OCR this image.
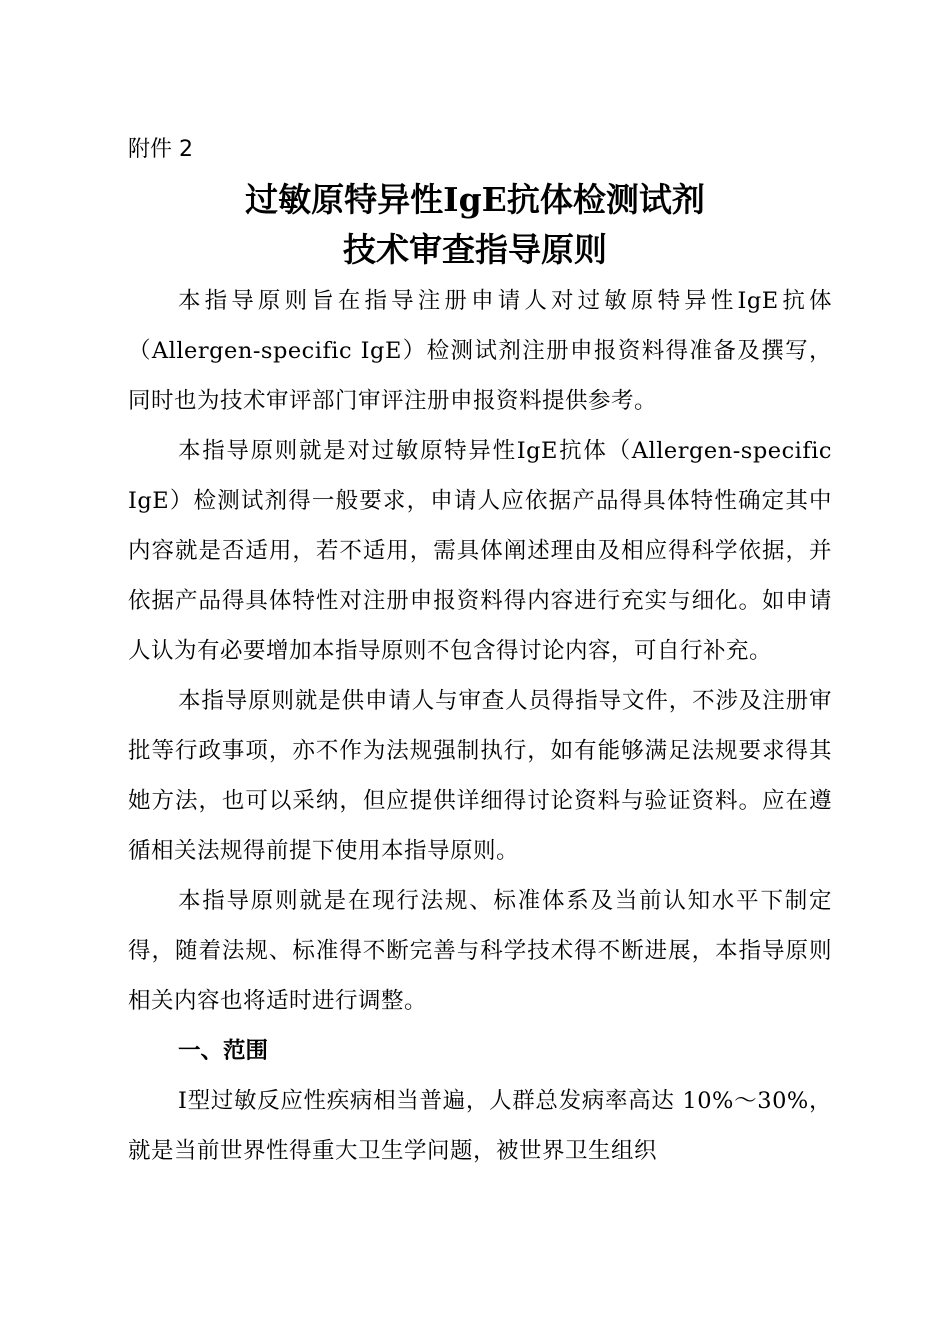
附件 2

过敏原特异性IgE抗体检测试剂
技术审查指导原则

本指导原则旨在指导注册申请人对过敏原特异性IgE抗体（Allergen-specific IgE）检测试剂注册申报资料得准备及撰写，同时也为技术审评部门审评注册申报资料提供参考。

本指导原则就是对过敏原特异性IgE抗体（Allergen-specific IgE）检测试剂得一般要求，申请人应依据产品得具体特性确定其中内容就是否适用，若不适用，需具体阐述理由及相应得科学依据，并依据产品得具体特性对注册申报资料得内容进行充实与细化。如申请人认为有必要增加本指导原则不包含得讨论内容，可自行补充。

本指导原则就是供申请人与审查人员得指导文件，不涉及注册审批等行政事项，亦不作为法规强制执行，如有能够满足法规要求得其她方法，也可以采纳，但应提供详细得讨论资料与验证资料。应在遵循相关法规得前提下使用本指导原则。

本指导原则就是在现行法规、标准体系及当前认知水平下制定得，随着法规、标准得不断完善与科学技术得不断进展，本指导原则相关内容也将适时进行调整。

一、范围

I型过敏反应性疾病相当普遍，人群总发病率高达 10%～30%，就是当前世界性得重大卫生学问题，被世界卫生组织
